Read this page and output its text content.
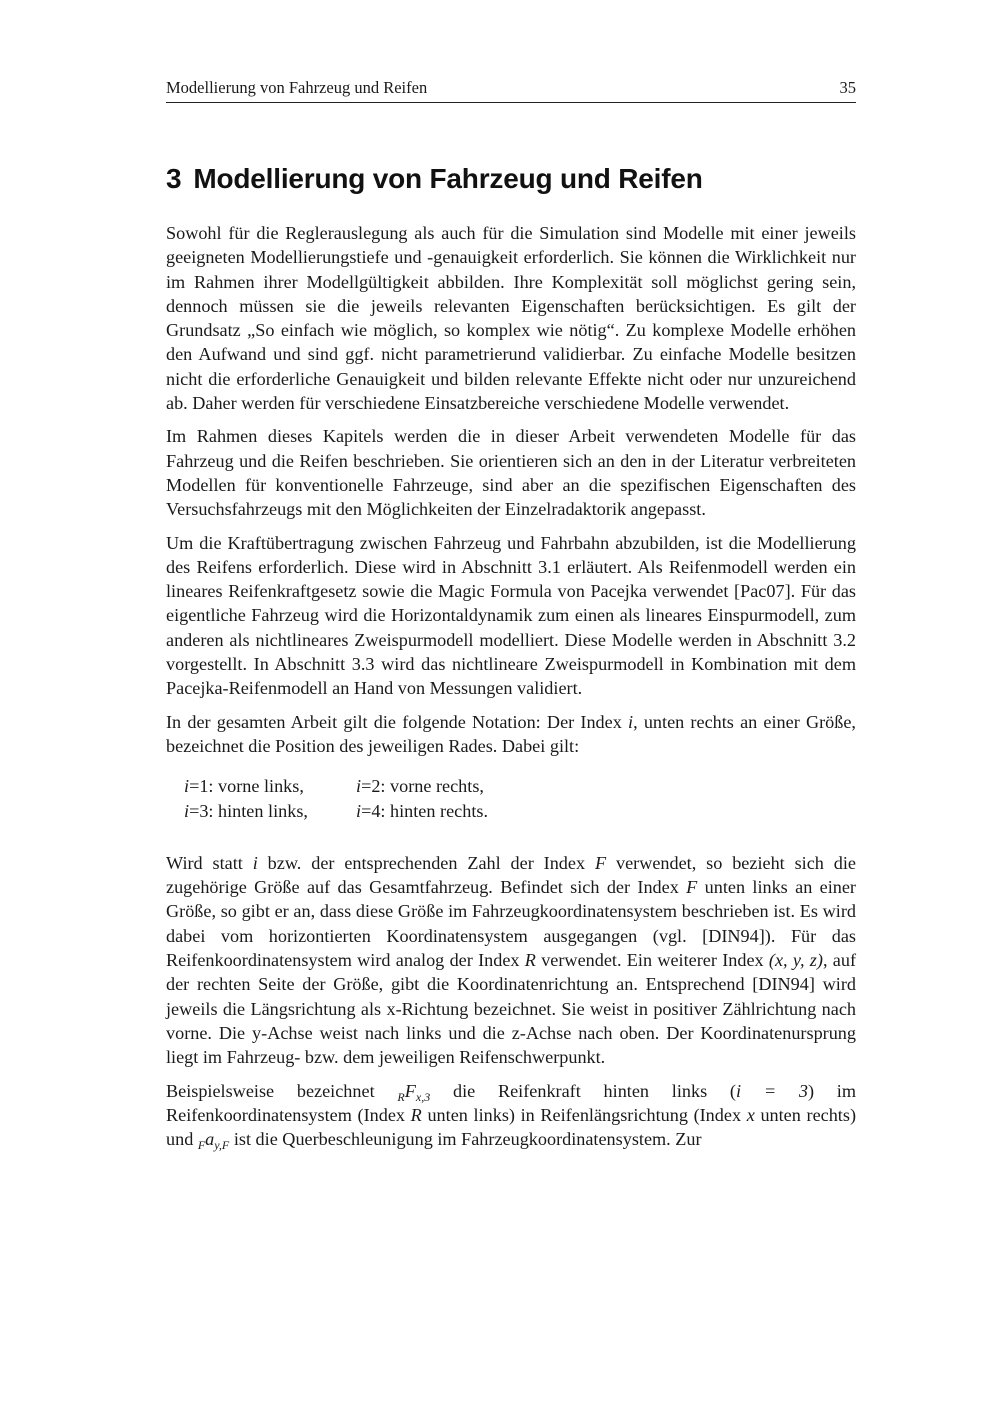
Modellierung von Fahrzeug und Reifen	35
3 Modellierung von Fahrzeug und Reifen

Sowohl für die Reglerauslegung als auch für die Simulation sind Modelle mit einer jeweils geeigneten Modellierungstiefe und -genauigkeit erforderlich. Sie können die Wirklichkeit nur im Rahmen ihrer Modellgültigkeit abbilden. Ihre Komplexität soll möglichst gering sein, dennoch müssen sie die jeweils relevanten Eigenschaften berücksichtigen. Es gilt der Grundsatz „So einfach wie möglich, so komplex wie nötig“. Zu komplexe Modelle erhöhen den Aufwand und sind ggf. nicht parametrierund validierbar. Zu einfache Modelle besitzen nicht die erforderliche Genauigkeit und bilden relevante Effekte nicht oder nur unzureichend ab. Daher werden für verschiedene Einsatzbereiche verschiedene Modelle verwendet.

Im Rahmen dieses Kapitels werden die in dieser Arbeit verwendeten Modelle für das Fahrzeug und die Reifen beschrieben. Sie orientieren sich an den in der Literatur verbreiteten Modellen für konventionelle Fahrzeuge, sind aber an die spezifischen Eigenschaften des Versuchsfahrzeugs mit den Möglichkeiten der Einzelradaktorik angepasst.

Um die Kraftübertragung zwischen Fahrzeug und Fahrbahn abzubilden, ist die Modellierung des Reifens erforderlich. Diese wird in Abschnitt 3.1 erläutert. Als Reifenmodell werden ein lineares Reifenkraftgesetz sowie die Magic Formula von Pacejka verwendet [Pac07]. Für das eigentliche Fahrzeug wird die Horizontaldynamik zum einen als lineares Einspurmodell, zum anderen als nichtlineares Zweispurmodell modelliert. Diese Modelle werden in Abschnitt 3.2 vorgestellt. In Abschnitt 3.3 wird das nichtlineare Zweispurmodell in Kombination mit dem Pacejka-Reifenmodell an Hand von Messungen validiert.

In der gesamten Arbeit gilt die folgende Notation: Der Index i, unten rechts an einer Größe, bezeichnet die Position des jeweiligen Rades. Dabei gilt:

i=1: vorne links,	i=2: vorne rechts,
i=3: hinten links,	i=4: hinten rechts.

Wird statt i bzw. der entsprechenden Zahl der Index F verwendet, so bezieht sich die zugehörige Größe auf das Gesamtfahrzeug. Befindet sich der Index F unten links an einer Größe, so gibt er an, dass diese Größe im Fahrzeugkoordinatensystem beschrieben ist. Es wird dabei vom horizontierten Koordinatensystem ausgegangen (vgl. [DIN94]). Für das Reifenkoordinatensystem wird analog der Index R verwendet. Ein weiterer Index (x, y, z), auf der rechten Seite der Größe, gibt die Koordinatenrichtung an. Entsprechend [DIN94] wird jeweils die Längsrichtung als x-Richtung bezeichnet. Sie weist in positiver Zählrichtung nach vorne. Die y-Achse weist nach links und die z-Achse nach oben. Der Koordinatenursprung liegt im Fahrzeug- bzw. dem jeweiligen Reifenschwerpunkt.

Beispielsweise bezeichnet $_RF_{x,3}$ die Reifenkraft hinten links (i = 3) im Reifenkoordinatensystem (Index R unten links) in Reifenlängsrichtung (Index x unten rechts) und $_Fa_{y,F}$ ist die Querbeschleunigung im Fahrzeugkoordinatensystem. Zur
